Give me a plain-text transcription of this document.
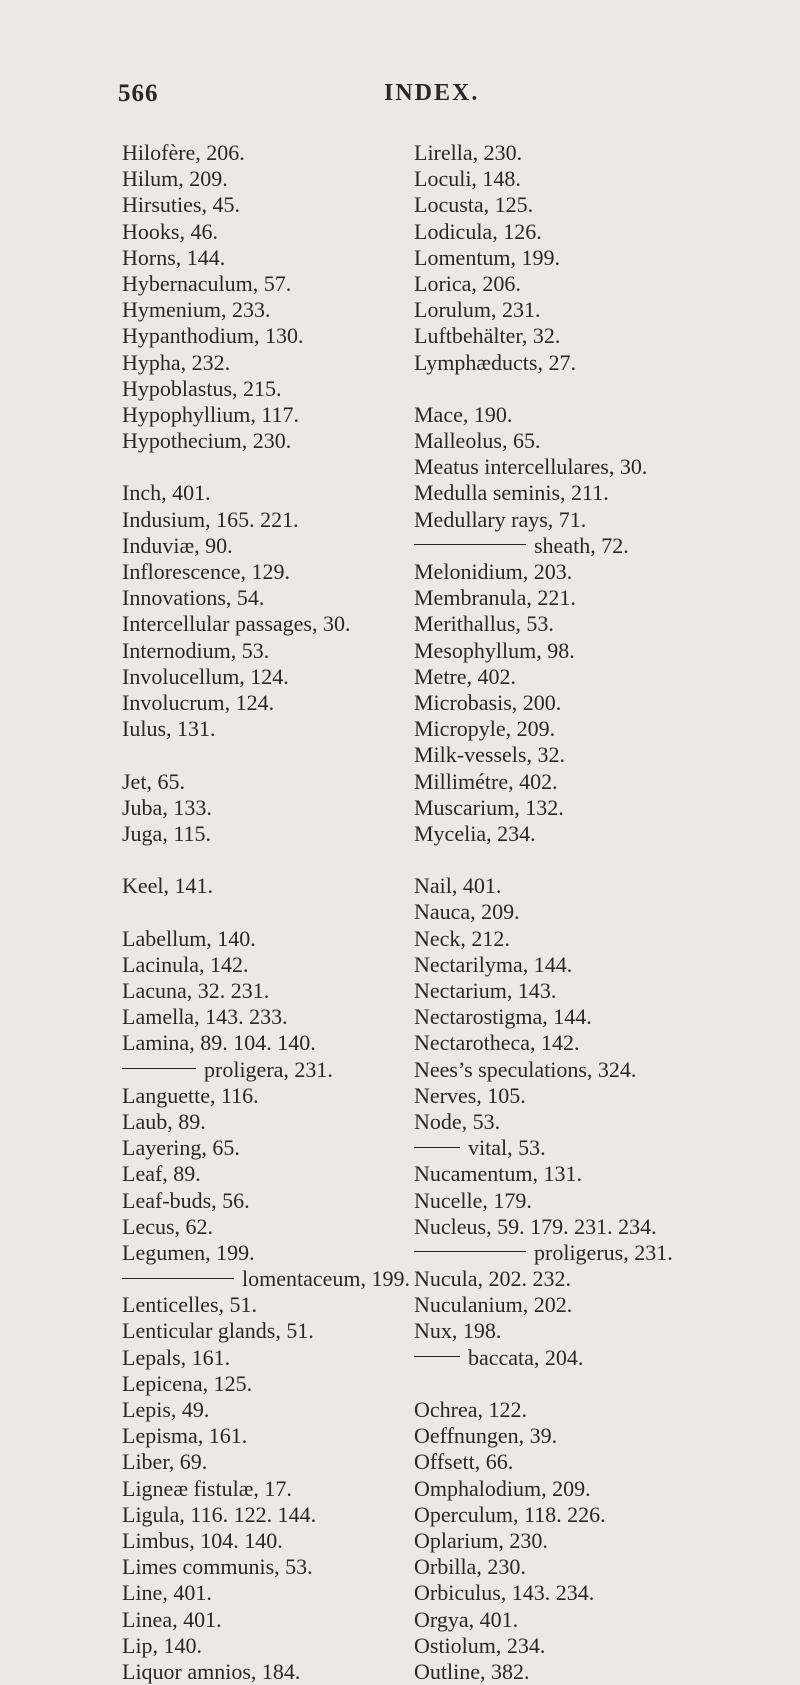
566	INDEX.
Hilofère, 206.
Hilum, 209.
Hirsuties, 45.
Hooks, 46.
Horns, 144.
Hybernaculum, 57.
Hymenium, 233.
Hypanthodium, 130.
Hypha, 232.
Hypoblastus, 215.
Hypophyllium, 117.
Hypothecium, 230.
Inch, 401.
Indusium, 165. 221.
Induviæ, 90.
Inflorescence, 129.
Innovations, 54.
Intercellular passages, 30.
Internodium, 53.
Involucellum, 124.
Involucrum, 124.
Iulus, 131.
Jet, 65.
Juba, 133.
Juga, 115.
Keel, 141.
Labellum, 140.
Lacinula, 142.
Lacuna, 32. 231.
Lamella, 143. 233.
Lamina, 89. 104. 140.
proligera, 231.
Languette, 116.
Laub, 89.
Layering, 65.
Leaf, 89.
Leaf-buds, 56.
Lecus, 62.
Legumen, 199.
lomentaceum, 199.
Lenticelles, 51.
Lenticular glands, 51.
Lepals, 161.
Lepicena, 125.
Lepis, 49.
Lepisma, 161.
Liber, 69.
Ligneæ fistulæ, 17.
Ligula, 116. 122. 144.
Limbus, 104. 140.
Limes communis, 53.
Line, 401.
Linea, 401.
Lip, 140.
Liquor amnios, 184.
Lirella, 230.
Loculi, 148.
Locusta, 125.
Lodicula, 126.
Lomentum, 199.
Lorica, 206.
Lorulum, 231.
Luftbehälter, 32.
Lymphæducts, 27.
Mace, 190.
Malleolus, 65.
Meatus intercellulares, 30.
Medulla seminis, 211.
Medullary rays, 71.
sheath, 72.
Melonidium, 203.
Membranula, 221.
Merithallus, 53.
Mesophyllum, 98.
Metre, 402.
Microbasis, 200.
Micropyle, 209.
Milk-vessels, 32.
Millimétre, 402.
Muscarium, 132.
Mycelia, 234.
Nail, 401.
Nauca, 209.
Neck, 212.
Nectarilyma, 144.
Nectarium, 143.
Nectarostigma, 144.
Nectarotheca, 142.
Nees’s speculations, 324.
Nerves, 105.
Node, 53.
vital, 53.
Nucamentum, 131.
Nucelle, 179.
Nucleus, 59. 179. 231. 234.
proligerus, 231.
Nucula, 202. 232.
Nuculanium, 202.
Nux, 198.
baccata, 204.
Ochrea, 122.
Oeffnungen, 39.
Offsett, 66.
Omphalodium, 209.
Operculum, 118. 226.
Oplarium, 230.
Orbilla, 230.
Orbiculus, 143. 234.
Orgya, 401.
Ostiolum, 234.
Outline, 382.
